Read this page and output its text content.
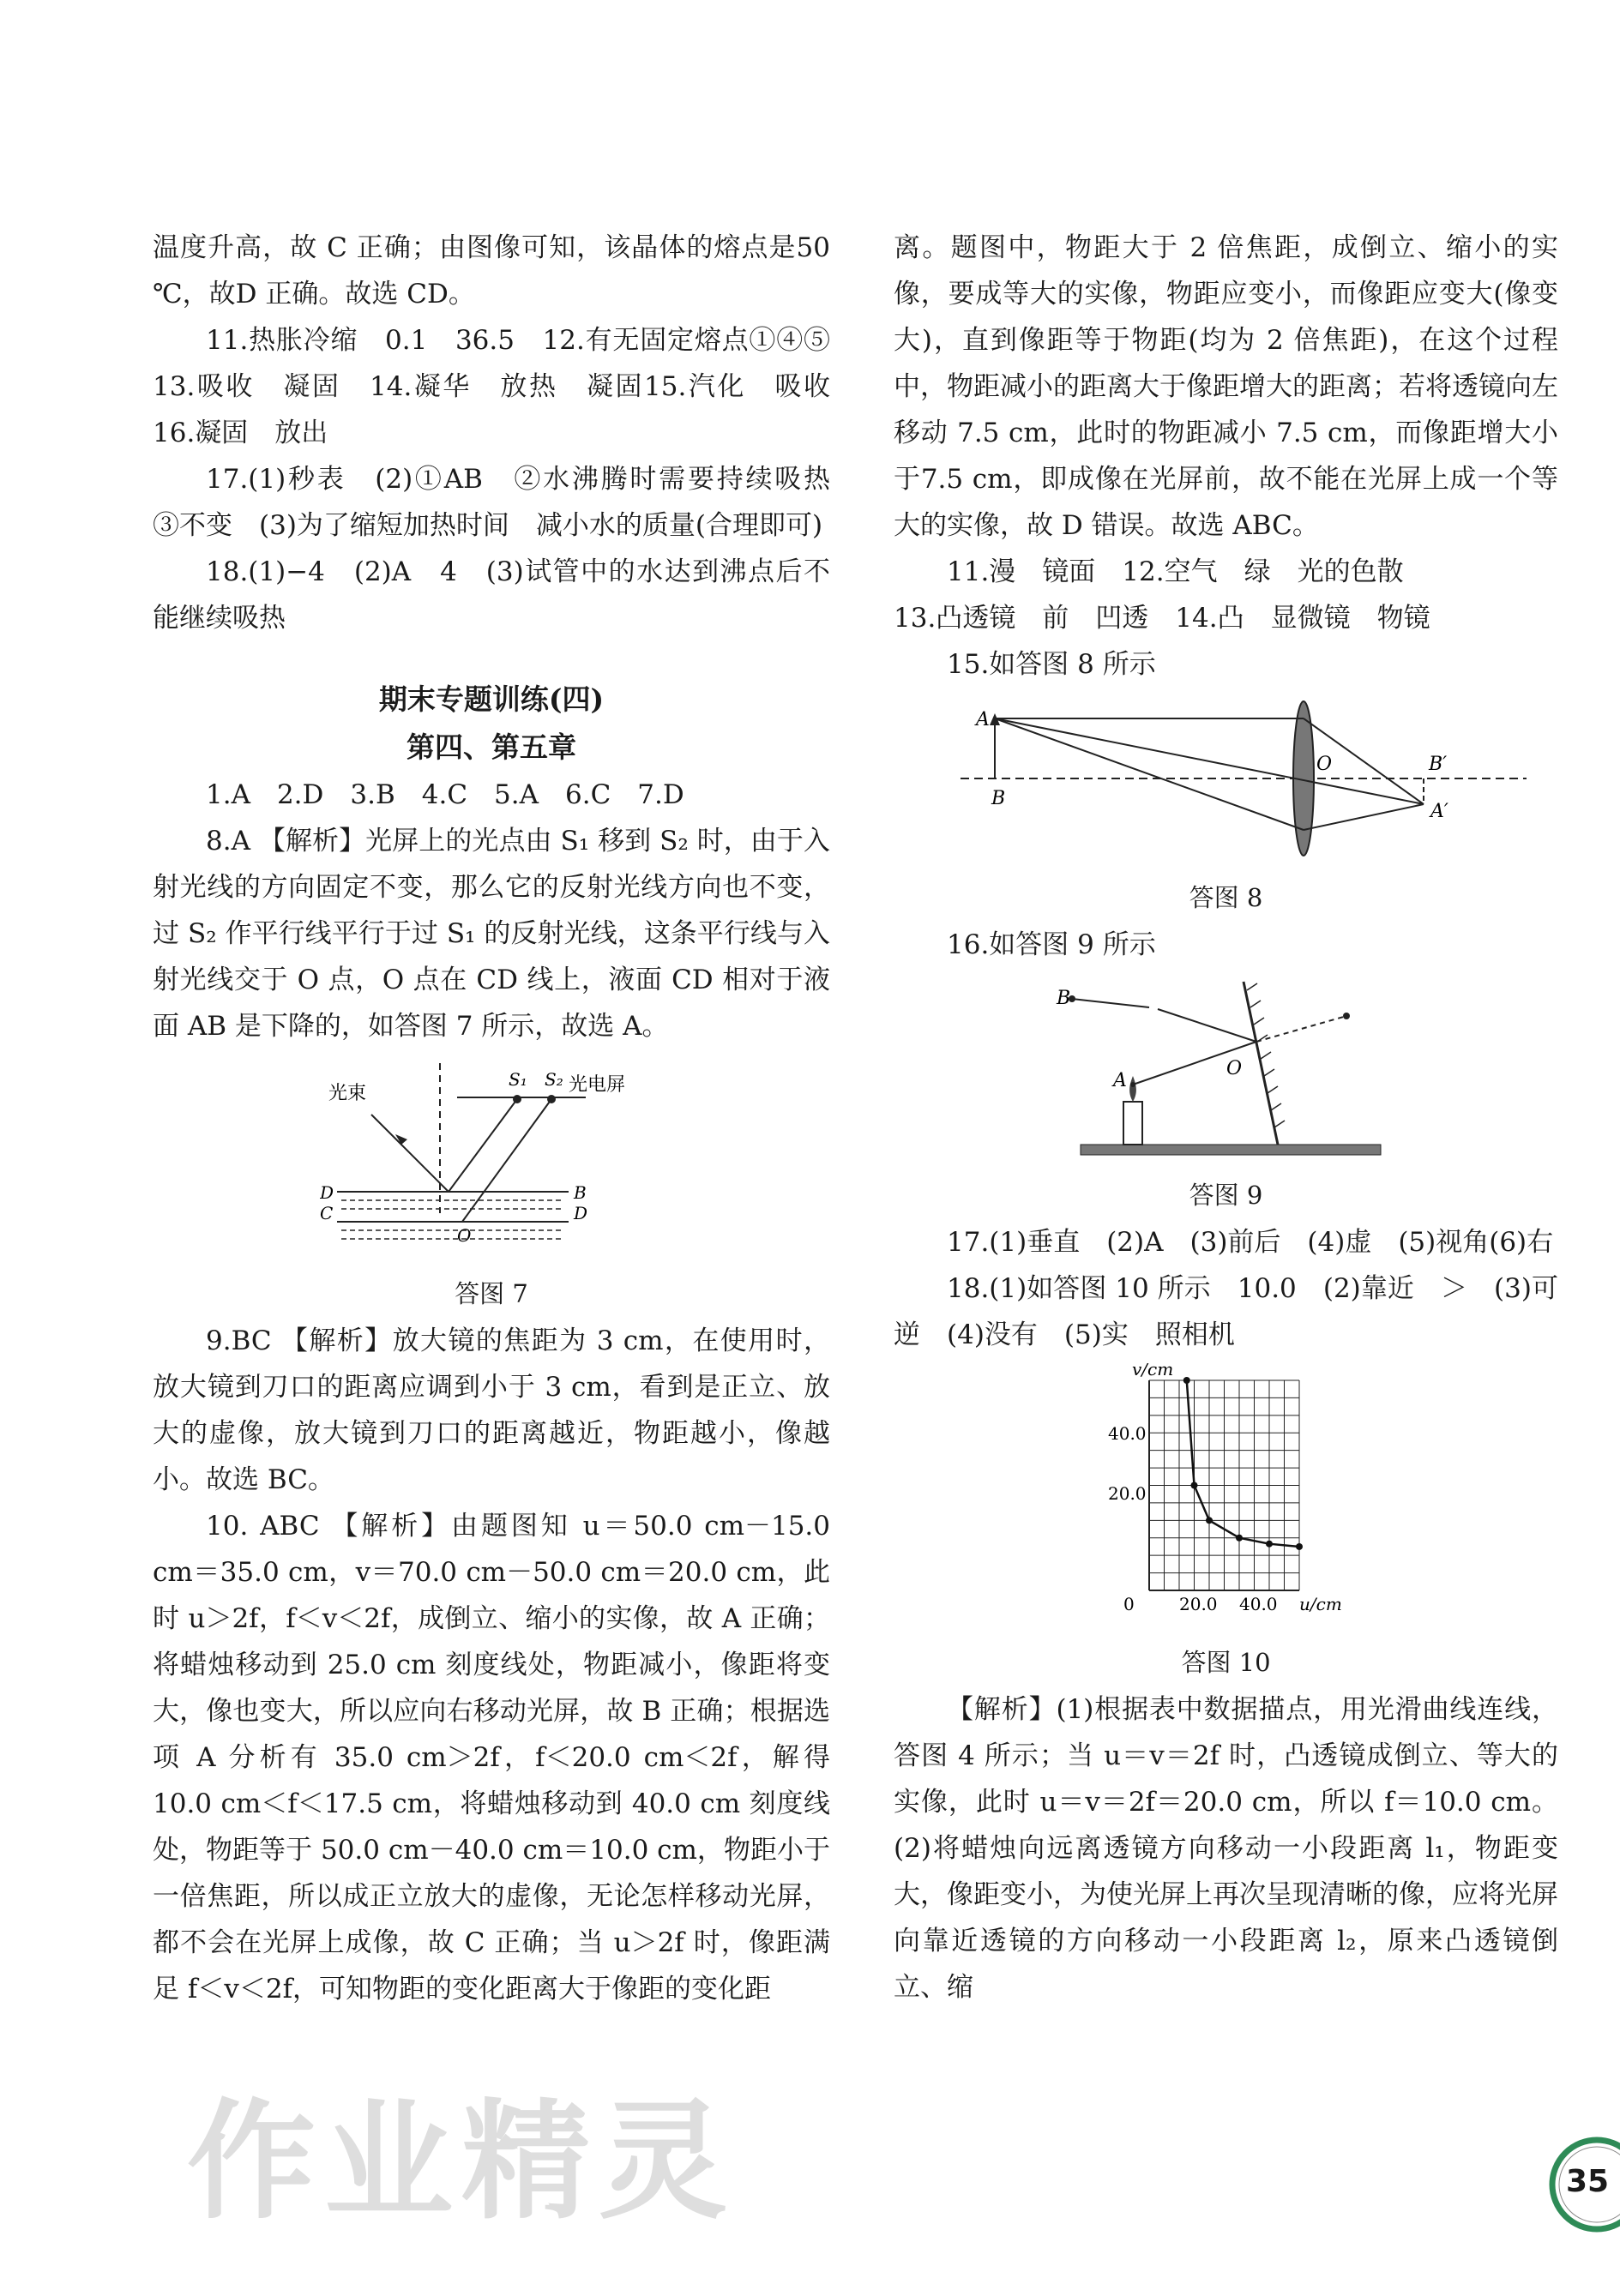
温度升高，故 C 正确；由图像可知，该晶体的熔点是50 ℃，故D 正确。故选 CD。

11.热胀冷缩　0.1　36.5　12.有无固定熔点①④⑤　13.吸收　凝固　14.凝华　放热　凝固15.汽化　吸收　16.凝固　放出

17.(1)秒表　(2)①AB　②水沸腾时需要持续吸热　③不变　(3)为了缩短加热时间　减小水的质量(合理即可)

18.(1)−4　(2)A　4　(3)试管中的水达到沸点后不能继续吸热

期末专题训练(四)

第四、第五章

1.A　2.D　3.B　4.C　5.A　6.C　7.D

8.A 【解析】光屏上的光点由 S₁ 移到 S₂ 时，由于入射光线的方向固定不变，那么它的反射光线方向也不变，过 S₂ 作平行线平行于过 S₁ 的反射光线，这条平行线与入射光线交于 O 点，O 点在 CD 线上，液面 CD 相对于液面 AB 是下降的，如答图 7 所示，故选 A。

光束	光电屏
S₁ S₂
D
C
B
D
O
答图 7

9.BC 【解析】放大镜的焦距为 3 cm，在使用时，放大镜到刀口的距离应调到小于 3 cm，看到是正立、放大的虚像，放大镜到刀口的距离越近，物距越小，像越小。故选 BC。

10. ABC 【解析】由题图知 u＝50.0 cm－15.0 cm＝35.0 cm，v＝70.0 cm－50.0 cm＝20.0 cm，此时 u＞2f，f＜v＜2f，成倒立、缩小的实像，故 A 正确；将蜡烛移动到 25.0 cm 刻度线处，物距减小，像距将变大，像也变大，所以应向右移动光屏，故 B 正确；根据选项 A 分析有 35.0 cm＞2f，f＜20.0 cm＜2f，解得 10.0 cm＜f＜17.5 cm，将蜡烛移动到 40.0 cm 刻度线处，物距等于 50.0 cm－40.0 cm＝10.0 cm，物距小于一倍焦距，所以成正立放大的虚像，无论怎样移动光屏，都不会在光屏上成像，故 C 正确；当 u＞2f 时，像距满足 f＜v＜2f，可知物距的变化距离大于像距的变化距

离。题图中，物距大于 2 倍焦距，成倒立、缩小的实像，要成等大的实像，物距应变小，而像距应变大(像变大)，直到像距等于物距(均为 2 倍焦距)，在这个过程中，物距减小的距离大于像距增大的距离；若将透镜向左移动 7.5 cm，此时的物距减小 7.5 cm，而像距增大小于7.5 cm，即成像在光屏前，故不能在光屏上成一个等大的实像，故 D 错误。故选 ABC。

11.漫　镜面　12.空气　绿　光的色散

13.凸透镜　前　凹透　14.凸　显微镜　物镜

15.如答图 8 所示

A
B
O	B′
A′
答图 8

16.如答图 9 所示

B
A
O
答图 9

17.(1)垂直　(2)A　(3)前后　(4)虚　(5)视角(6)右

18.(1)如答图 10 所示　10.0　(2)靠近　＞　(3)可逆　(4)没有　(5)实　照相机

v/cm
u/cm
40.0
20.0
0	20.0 40.0
答图 10

【解析】(1)根据表中数据描点，用光滑曲线连线，答图 4 所示；当 u＝v＝2f 时，凸透镜成倒立、等大的实像，此时 u＝v＝2f＝20.0 cm，所以 f＝10.0 cm。(2)将蜡烛向远离透镜方向移动一小段距离 l₁，物距变大，像距变小，为使光屏上再次呈现清晰的像，应将光屏向靠近透镜的方向移动一小段距离 l₂，原来凸透镜倒立、缩

作业精灵	35
